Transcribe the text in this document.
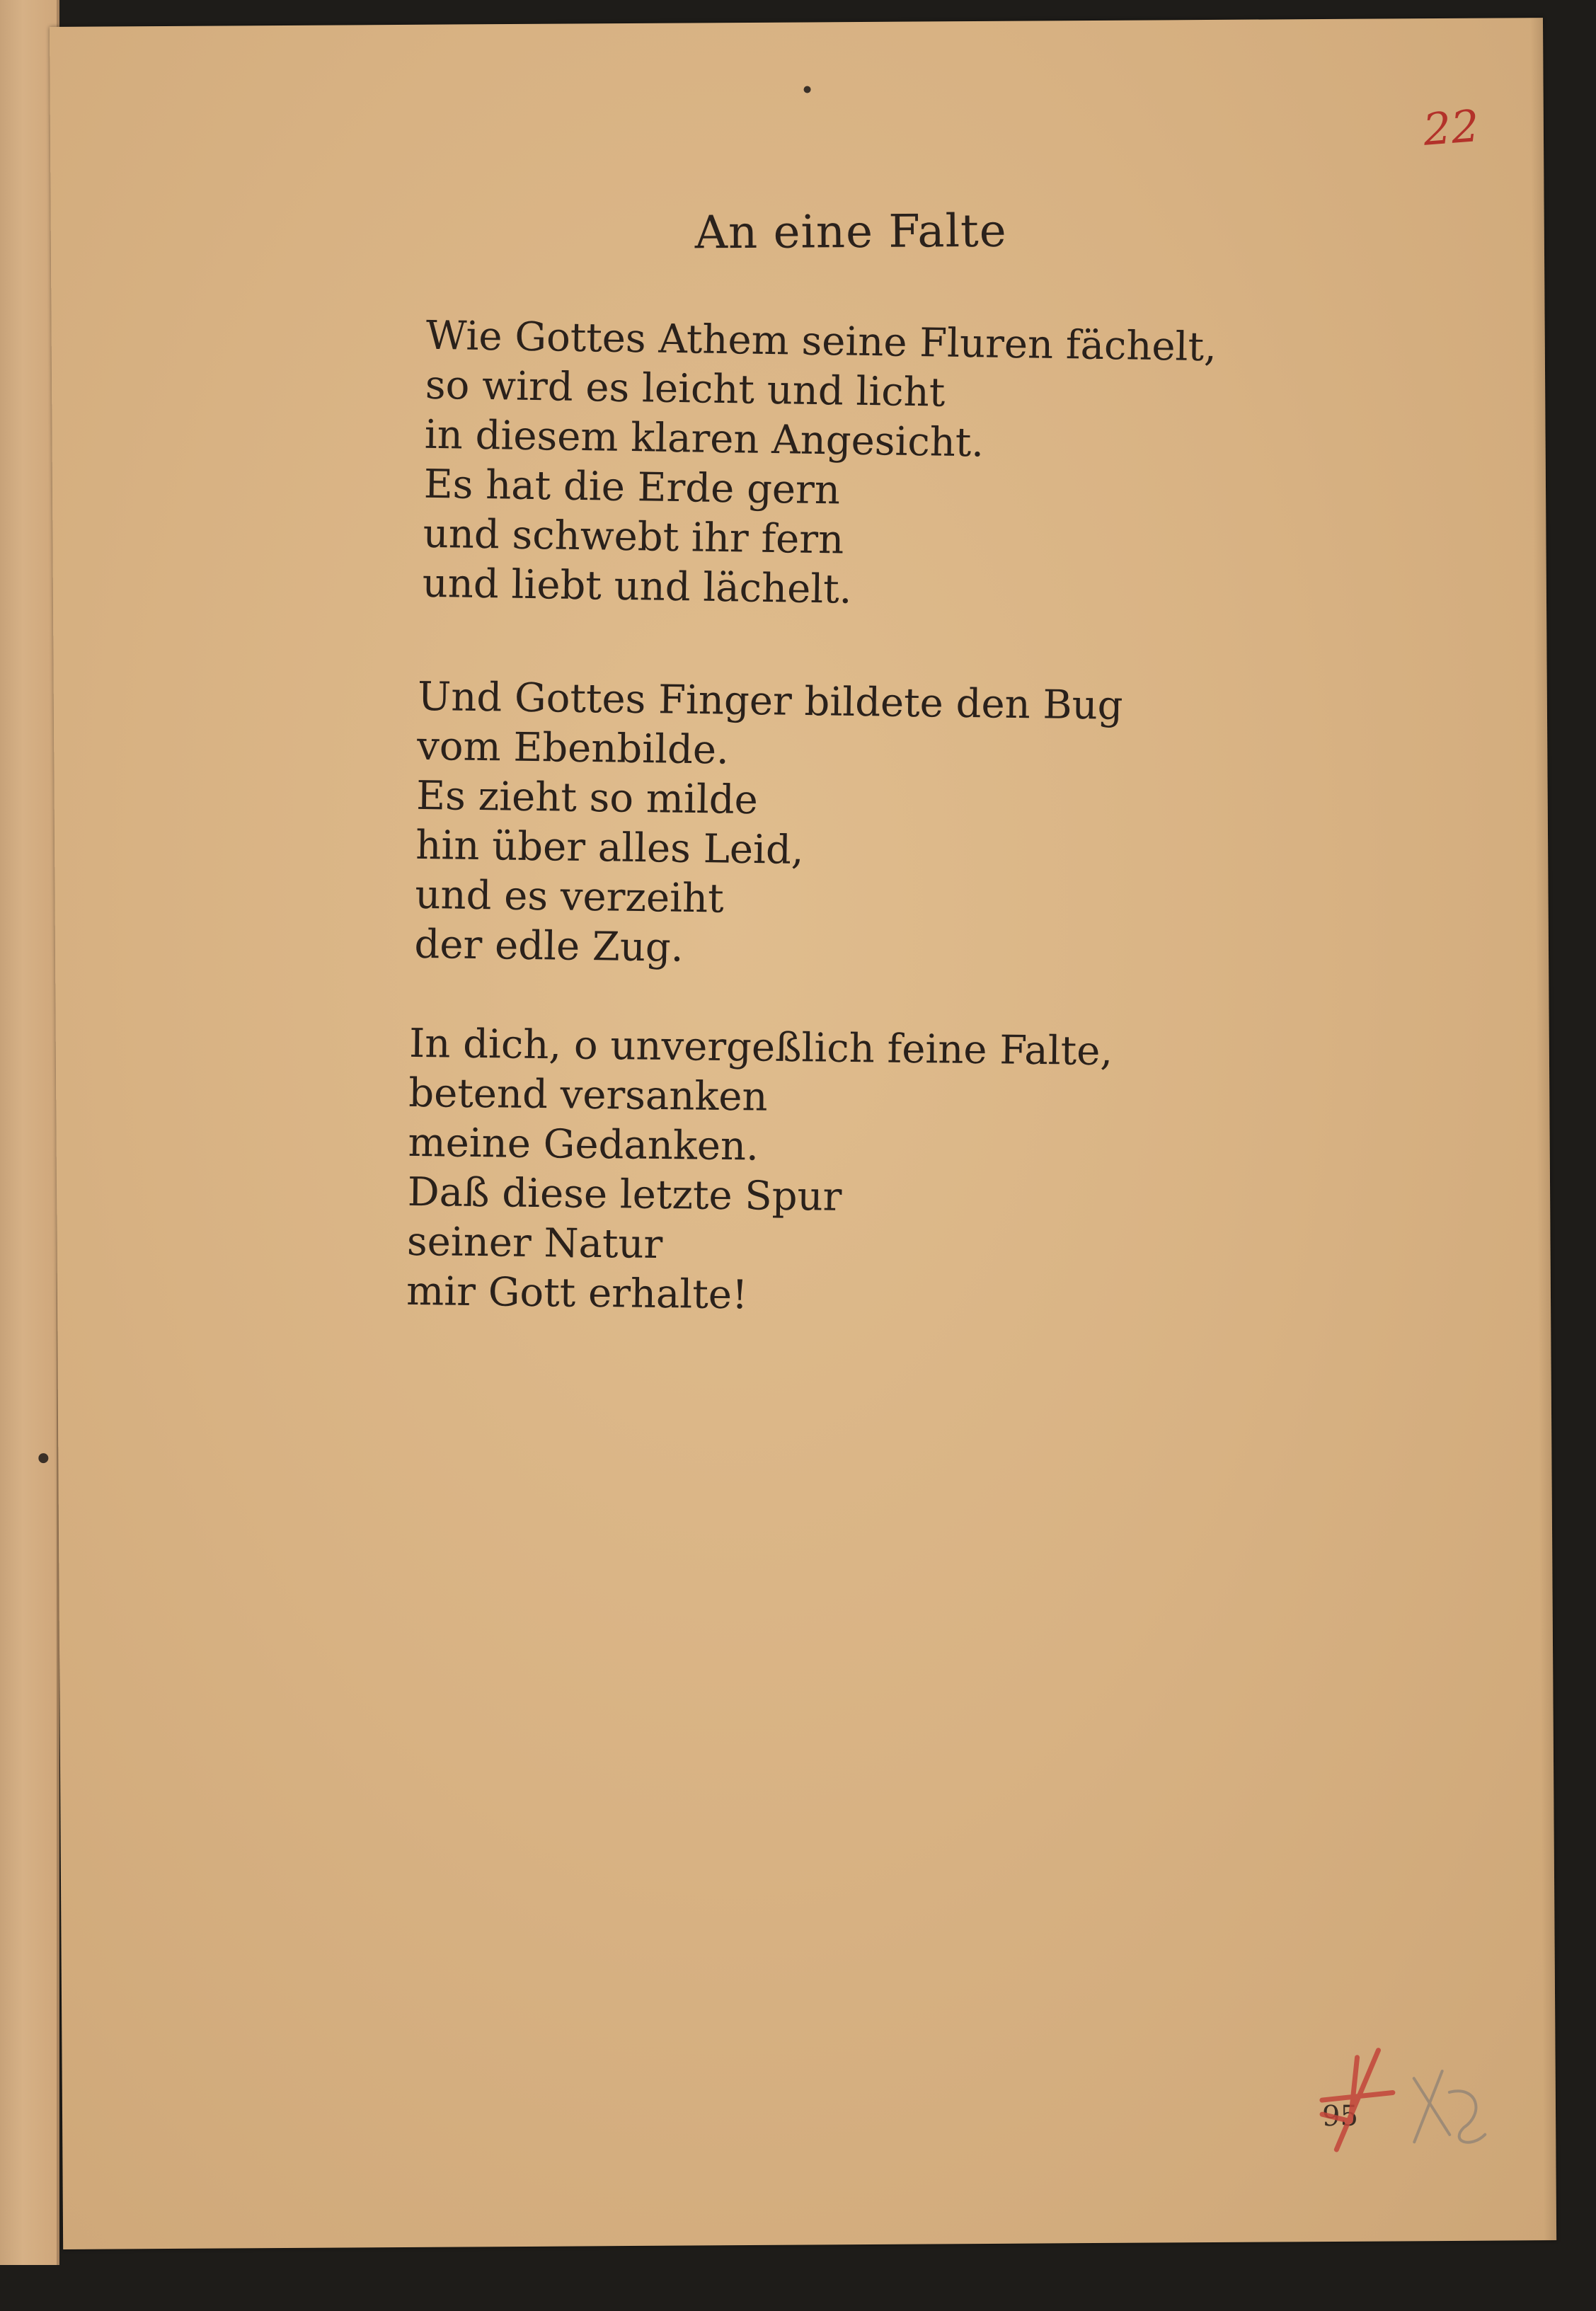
22
An eine Falte
Wie Gottes Athem seine Fluren fächelt,
so wird es leicht und licht
in diesem klaren Angesicht.
Es hat die Erde gern
und schwebt ihr fern
und liebt und lächelt.
Und Gottes Finger bildete den Bug
vom Ebenbilde.
Es zieht so milde
hin über alles Leid,
und es verzeiht
der edle Zug.
In dich, o unvergeßlich feine Falte,
betend versanken
meine Gedanken.
Daß diese letzte Spur
seiner Natur
mir Gott erhalte!
95
